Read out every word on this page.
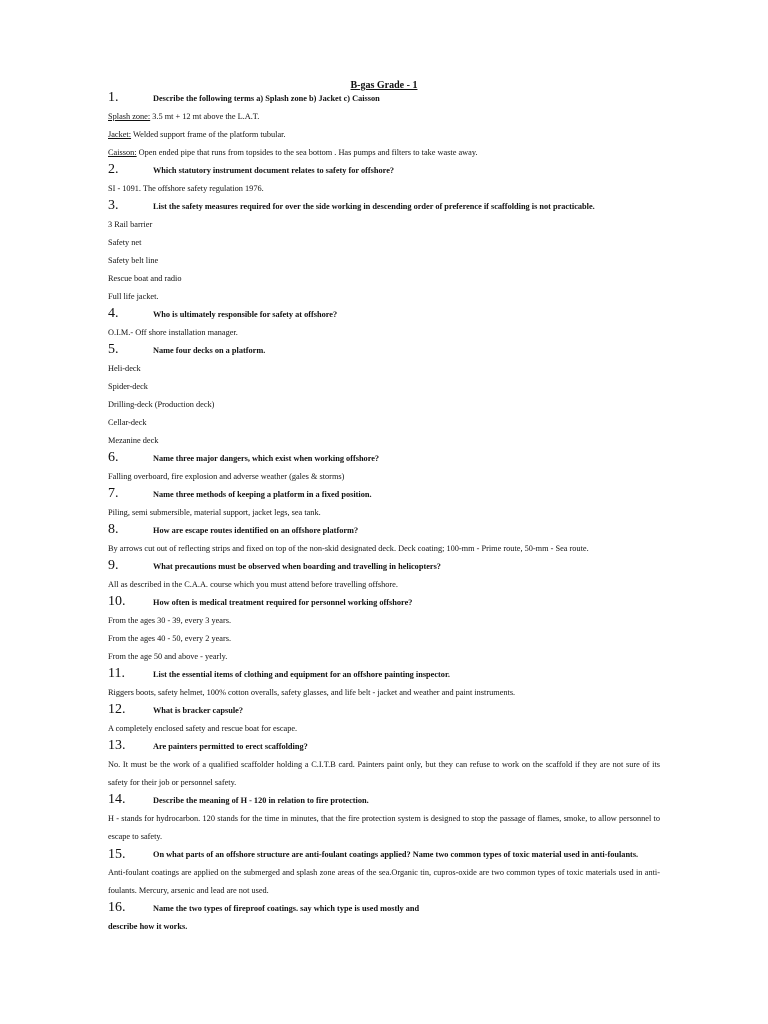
B-gas Grade - 1
1.	Describe the following terms a) Splash zone b) Jacket c) Caisson
Splash zone: 3.5 mt + 12 mt above the L.A.T.
Jacket: Welded support frame of the platform tubular.
Caisson: Open ended pipe that runs from topsides to the sea bottom . Has pumps and filters to take waste away.
2.	Which statutory instrument document relates to safety for offshore?
SI - 1091. The offshore safety regulation 1976.
3.	List the safety measures required for over the side working in descending order of preference if scaffolding is not practicable.
3 Rail barrier
Safety net
Safety belt line
Rescue boat and radio
Full life jacket.
4.	Who is ultimately responsible for safety at offshore?
O.I.M.- Off shore installation manager.
5.	Name four decks on a platform.
Heli-deck
Spider-deck
Drilling-deck (Production deck)
Cellar-deck
Mezanine deck
6.	Name three major dangers, which exist when working offshore?
Falling overboard, fire explosion and adverse weather (gales & storms)
7.	Name three methods of keeping a platform in a fixed position.
Piling, semi submersible, material support, jacket legs, sea tank.
8.	How are escape routes identified on an offshore platform?
By arrows cut out of reflecting strips and fixed on top of the non-skid designated deck. Deck coating; 100-mm - Prime route, 50-mm - Sea route.
9.	What precautions must be observed when boarding and travelling in helicopters?
All as described in the C.A.A. course which you must attend before travelling offshore.
10.	How often is medical treatment required for personnel working offshore?
From the ages 30 - 39, every 3 years.
From the ages 40 - 50, every 2 years.
From the age 50 and above - yearly.
11.	List the essential items of clothing and equipment for an offshore painting inspector.
Riggers boots, safety helmet, 100% cotton overalls, safety glasses, and life belt - jacket and weather and paint instruments.
12.	What is bracker capsule?
A completely enclosed safety and rescue boat for escape.
13.	Are painters permitted to erect scaffolding?
No. It must be the work of a qualified scaffolder holding a C.I.T.B card. Painters paint only, but they can refuse to work on the scaffold if they are not sure of its safety for their job or personnel safety.
14.	Describe the meaning of H - 120 in relation to fire protection.
H - stands for hydrocarbon. 120 stands for the time in minutes, that the fire protection system is designed to stop the passage of flames, smoke, to allow personnel to escape to safety.
15.	On what parts of an offshore structure are anti-foulant coatings applied? Name two common types of toxic material used in anti-foulants.
Anti-foulant coatings are applied on the submerged and splash zone areas of the sea.Organic tin, cupros-oxide are two common types of toxic materials used in anti-foulants. Mercury, arsenic and lead are not used.
16.	Name the two types of fireproof coatings. say which type is used mostly and
describe how it works.
